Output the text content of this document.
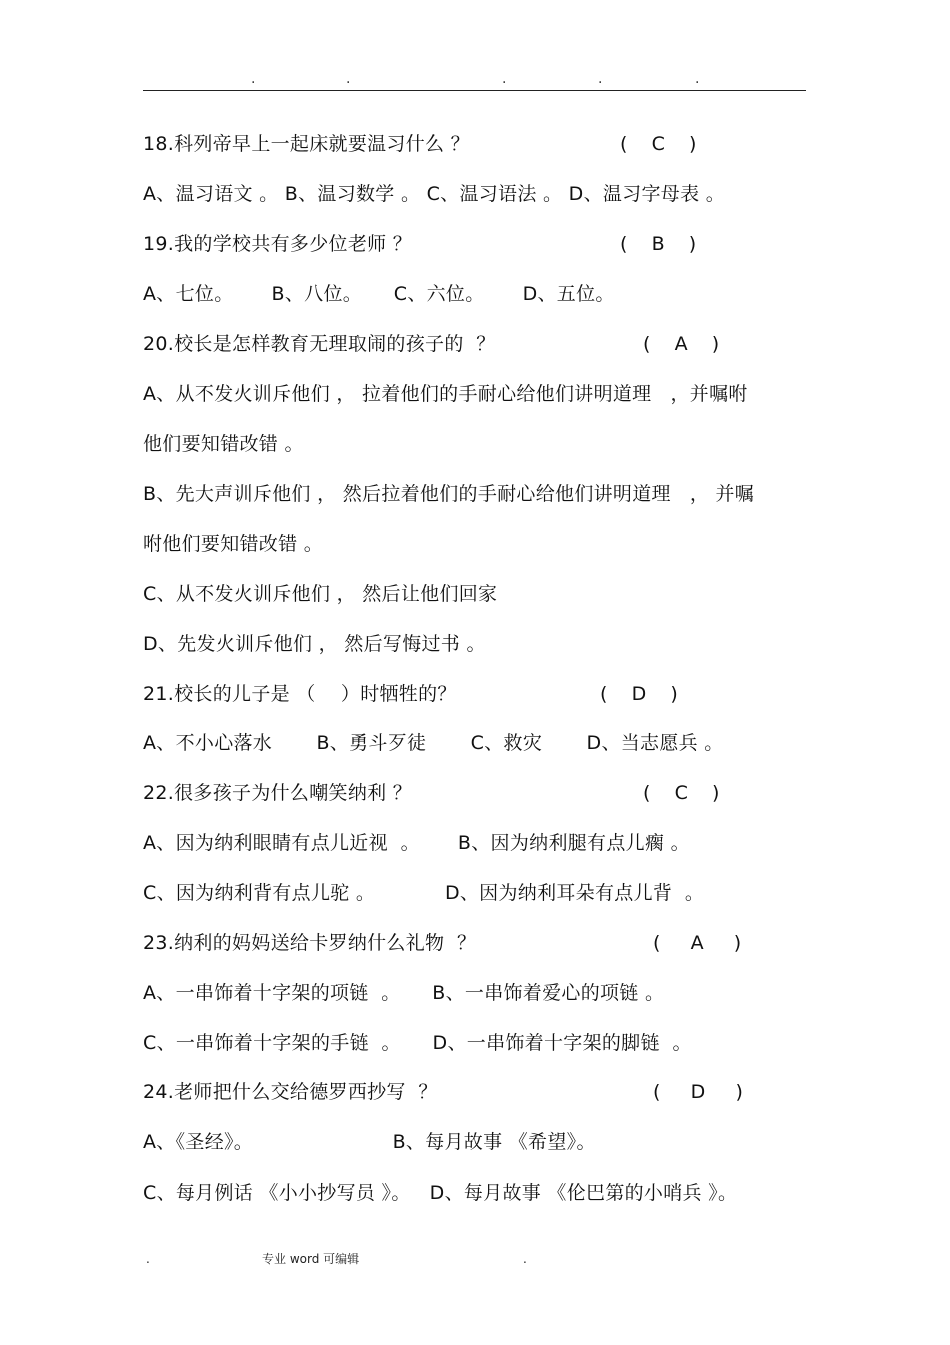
.	.	.	.	.
18.科列帝早上一起床就要温习什么 ？	(    C    )
A、温习语文 。 B、温习数学 。 C、温习语法 。 D、温习字母表 。
19.我的学校共有多少位老师 ？	(    B    )
A、七位。      B、八位。     C、六位。      D、五位。
20.校长是怎样教育无理取闹的孩子的  ？	(    A    )
A、从不发火训斥他们 ， 拉着他们的手耐心给他们讲明道理   ，并嘱咐
他们要知错改错 。
B、先大声训斥他们 ， 然后拉着他们的手耐心给他们讲明道理   ， 并嘱
咐他们要知错改错 。
C、从不发火训斥他们 ， 然后让他们回家
D、先发火训斥他们 ， 然后写悔过书 。
21.校长的儿子是 （    ）时牺牲的？	(    D    )
A、不小心落水       B、勇斗歹徒       C、救灾       D、当志愿兵 。
22.很多孩子为什么嘲笑纳利 ？	(    C    )
A、因为纳利眼睛有点儿近视  。      B、因为纳利腿有点儿瘸 。
C、因为纳利背有点儿驼 。           D、因为纳利耳朵有点儿背  。
23.纳利的妈妈送给卡罗纳什么礼物  ？	(     A     )
A、一串饰着十字架的项链  。     B、一串饰着爱心的项链 。
C、一串饰着十字架的手链  。     D、一串饰着十字架的脚链  。
24.老师把什么交给德罗西抄写  ？	(     D     )
A、《圣经》。                      B、每月故事 《希望》。
C、每月例话 《小小抄写员 》。   D、每月故事 《伦巴第的小哨兵 》。
.	专业 word 可编辑	.
